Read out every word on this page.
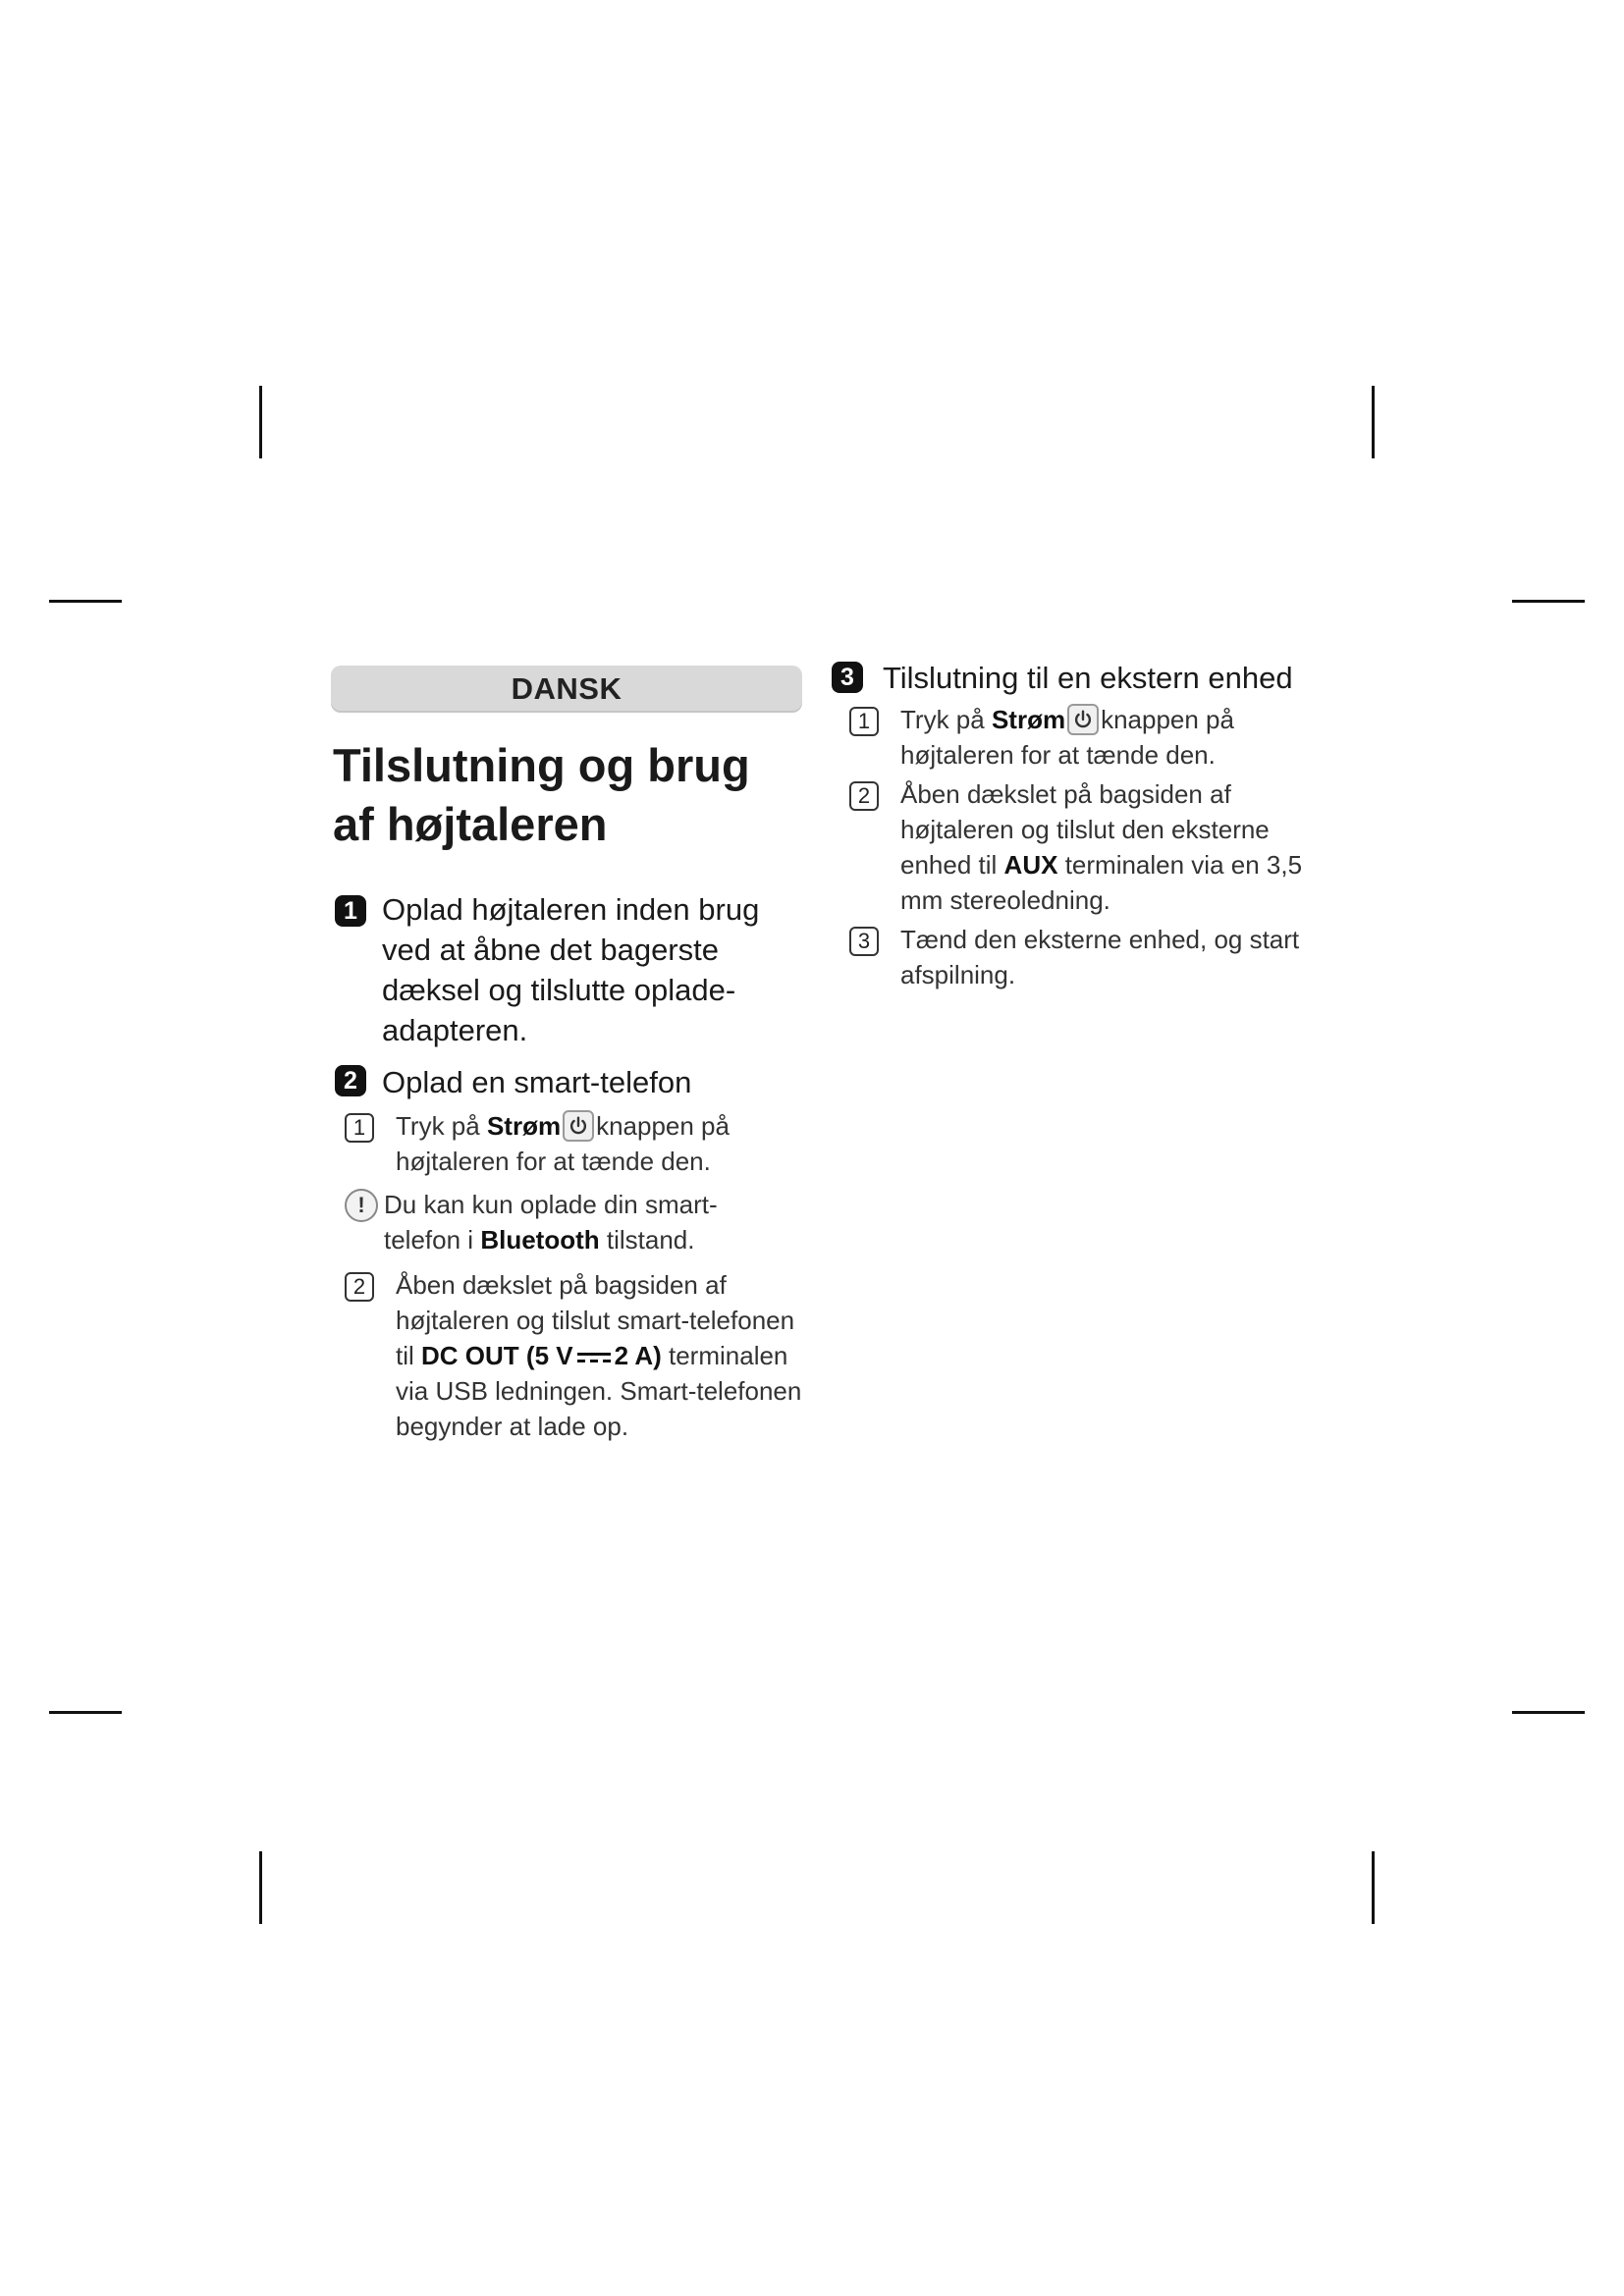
DANSK
Tilslutning og brug af højtaleren
1 Oplad højtaleren inden brug ved at åbne det bagerste dæksel og tilslutte oplade-adapteren.
2 Oplad en smart-telefon
1	Tryk på Strøm knappen på højtaleren for at tænde den.
! Du kan kun oplade din smart-telefon i Bluetooth tilstand.
2	Åben dækslet på bagsiden af højtaleren og tilslut smart-telefonen til DC OUT (5 V 2 A) terminalen via USB ledningen. Smart-telefonen begynder at lade op.
3 Tilslutning til en ekstern enhed
1	Tryk på Strøm knappen på højtaleren for at tænde den.
2	Åben dækslet på bagsiden af højtaleren og tilslut den eksterne enhed til AUX terminalen via en 3,5 mm stereoledning.
3	Tænd den eksterne enhed, og start afspilning.
